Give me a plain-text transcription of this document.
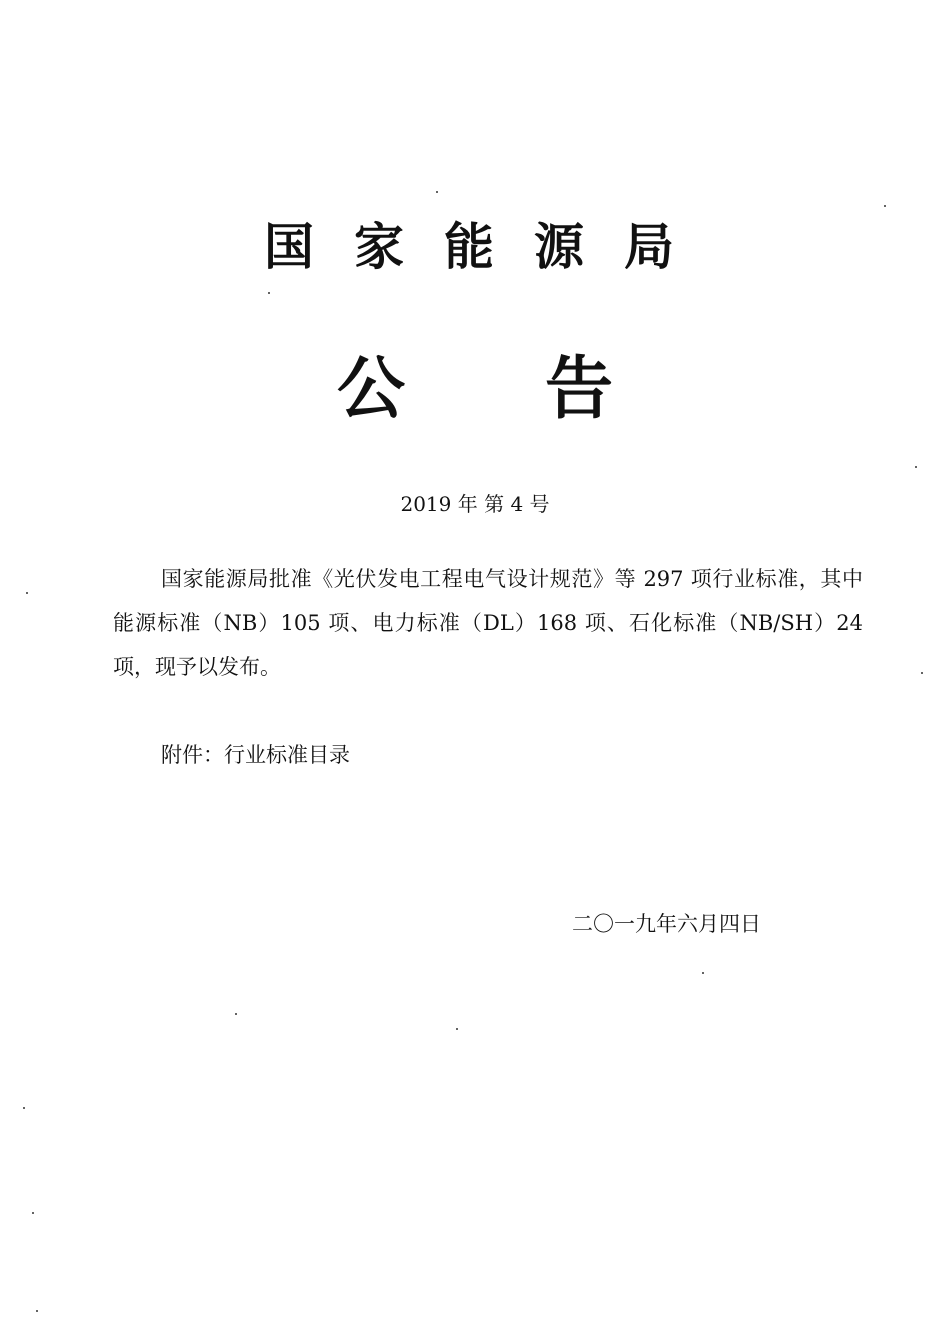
国家能源局
公告
2019 年 第 4 号

国家能源局批准《光伏发电工程电气设计规范》等 297 项行业标准，其中能源标准（NB）105 项、电力标准（DL）168 项、石化标准（NB/SH）24 项，现予以发布。

附件：行业标准目录
二〇一九年六月四日
